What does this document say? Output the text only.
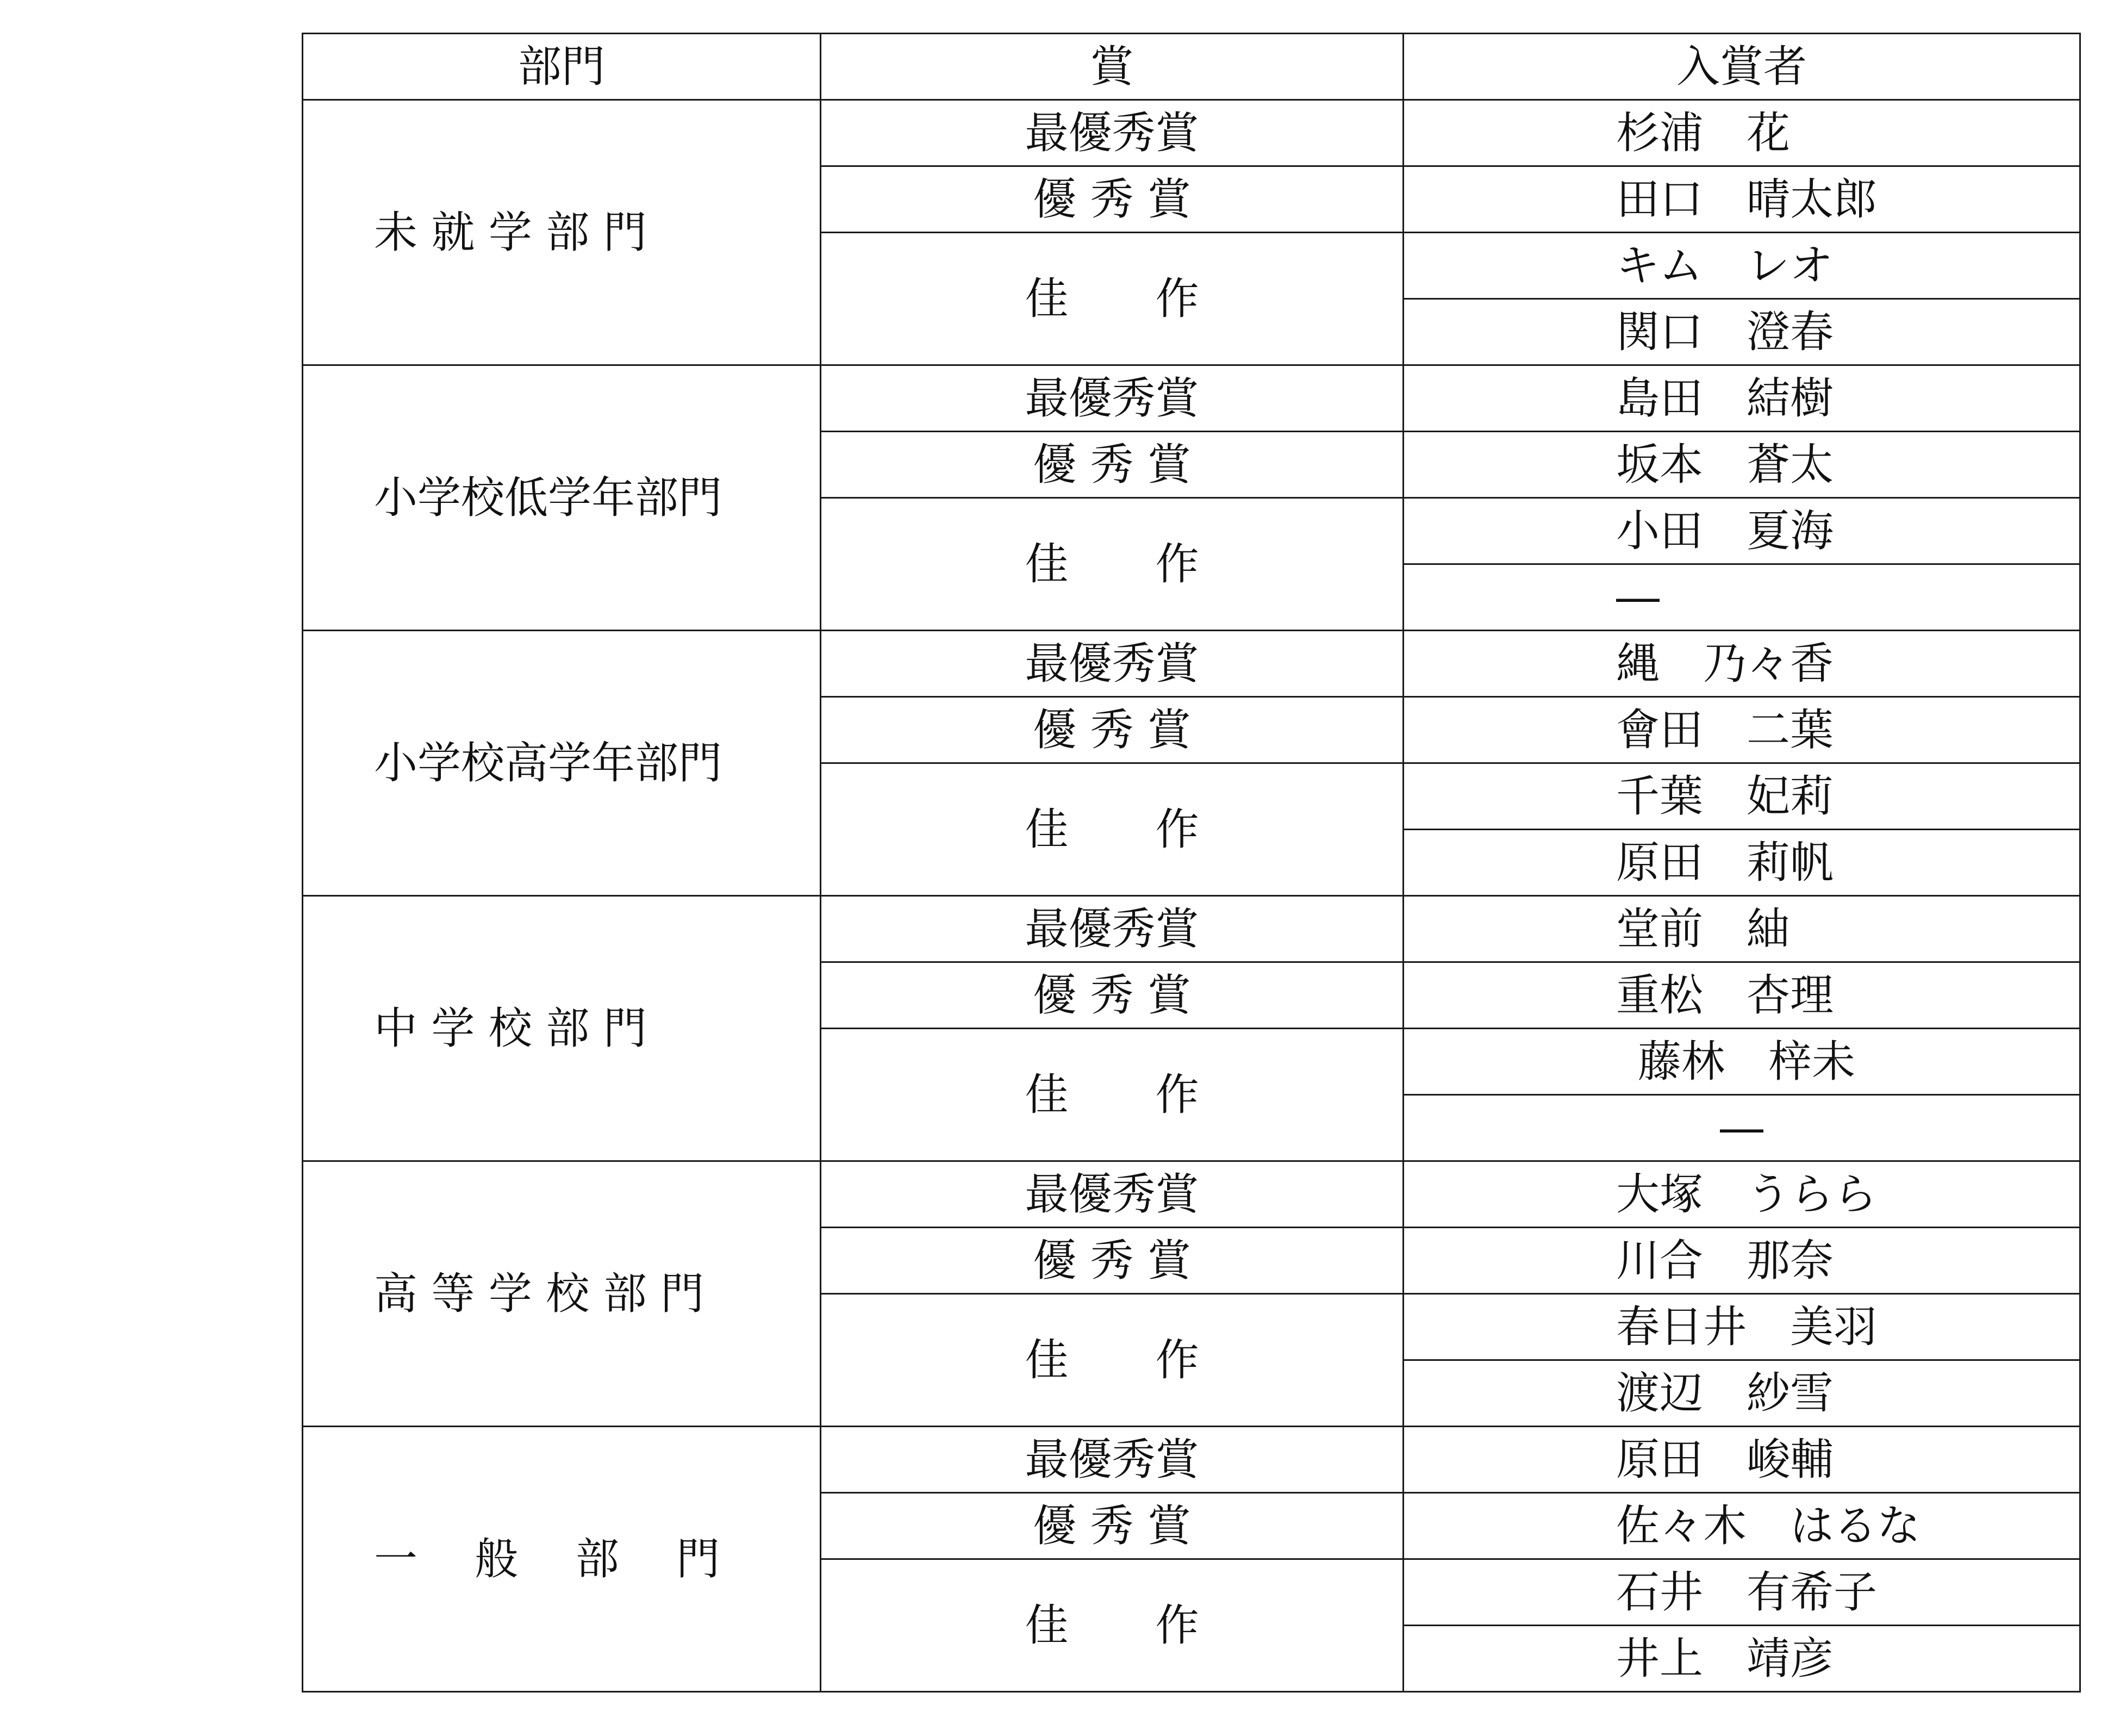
部門	賞	入賞者
未 就 学 部 門	最優秀賞	杉浦　花
	優 秀 賞	田口　晴太郎
	佳　　作	キム　レオ
		関口　澄春
小学校低学年部門	最優秀賞	島田　結樹
	優 秀 賞	坂本　蒼太
	佳　　作	小田　夏海
		―
小学校高学年部門	最優秀賞	縄　乃々香
	優 秀 賞	會田　二葉
	佳　　作	千葉　妃莉
		原田　莉帆
中 学 校 部 門	最優秀賞	堂前　紬
	優 秀 賞	重松　杏理
	佳　　作	藤林　梓未
		―
高 等 学 校 部 門	最優秀賞	大塚　うらら
	優 秀 賞	川合　那奈
	佳　　作	春日井　美羽
		渡辺　紗雪
一　 般　 部　 門	最優秀賞	原田　峻輔
	優 秀 賞	佐々木　はるな
	佳　　作	石井　有希子
		井上　靖彦
